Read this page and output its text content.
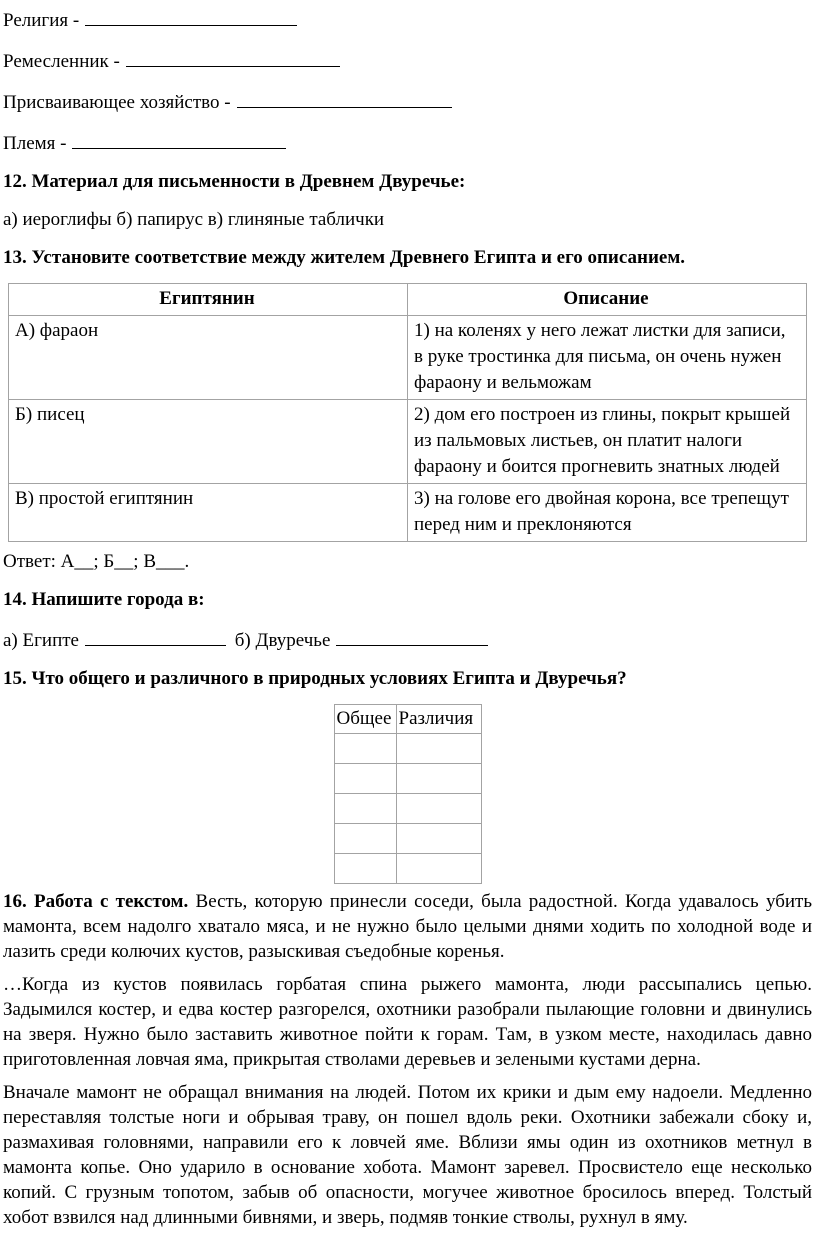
Религия -
Ремесленник -
Присваивающее хозяйство -
Племя -
12. Материал для письменности в Древнем Двуречье:
а) иероглифы б) папирус в) глиняные таблички
13. Установите соответствие между жителем Древнего Египта и его описанием.
Египтянин	Описание
А) фараон	1) на коленях у него лежат листки для записи, в руке тростинка для письма, он очень нужен фараону и вельможам
Б) писец	2) дом его построен из глины, покрыт крышей из пальмовых листьев, он платит налоги фараону и боится прогневить знатных людей
В) простой египтянин	3) на голове его двойная корона, все трепещут перед ним и преклоняются
Ответ: А__; Б__; В___.
14. Напишите города в:
а) Египте	б) Двуречье
15. Что общего и различного в природных условиях Египта и Двуречья?
Общее	Различия

16. Работа с текстом. Весть, которую принесли соседи, была радостной. Когда удавалось убить мамонта, всем надолго хватало мяса, и не нужно было целыми днями ходить по холодной воде и лазить среди колючих кустов, разыскивая съедобные коренья.
…Когда из кустов появилась горбатая спина рыжего мамонта, люди рассыпались цепью. Задымился костер, и едва костер разгорелся, охотники разобрали пылающие головни и двинулись на зверя. Нужно было заставить животное пойти к горам. Там, в узком месте, находилась давно приготовленная ловчая яма, прикрытая стволами деревьев и зелеными кустами дерна.
Вначале мамонт не обращал внимания на людей. Потом их крики и дым ему надоели. Медленно переставляя толстые ноги и обрывая траву, он пошел вдоль реки. Охотники забежали сбоку и, размахивая головнями, направили его к ловчей яме. Вблизи ямы один из охотников метнул в мамонта копье. Оно ударило в основание хобота. Мамонт заревел. Просвистело еще несколько копий. С грузным топотом, забыв об опасности, могучее животное бросилось вперед. Толстый хобот взвился над длинными бивнями, и зверь, подмяв тонкие стволы, рухнул в яму.
